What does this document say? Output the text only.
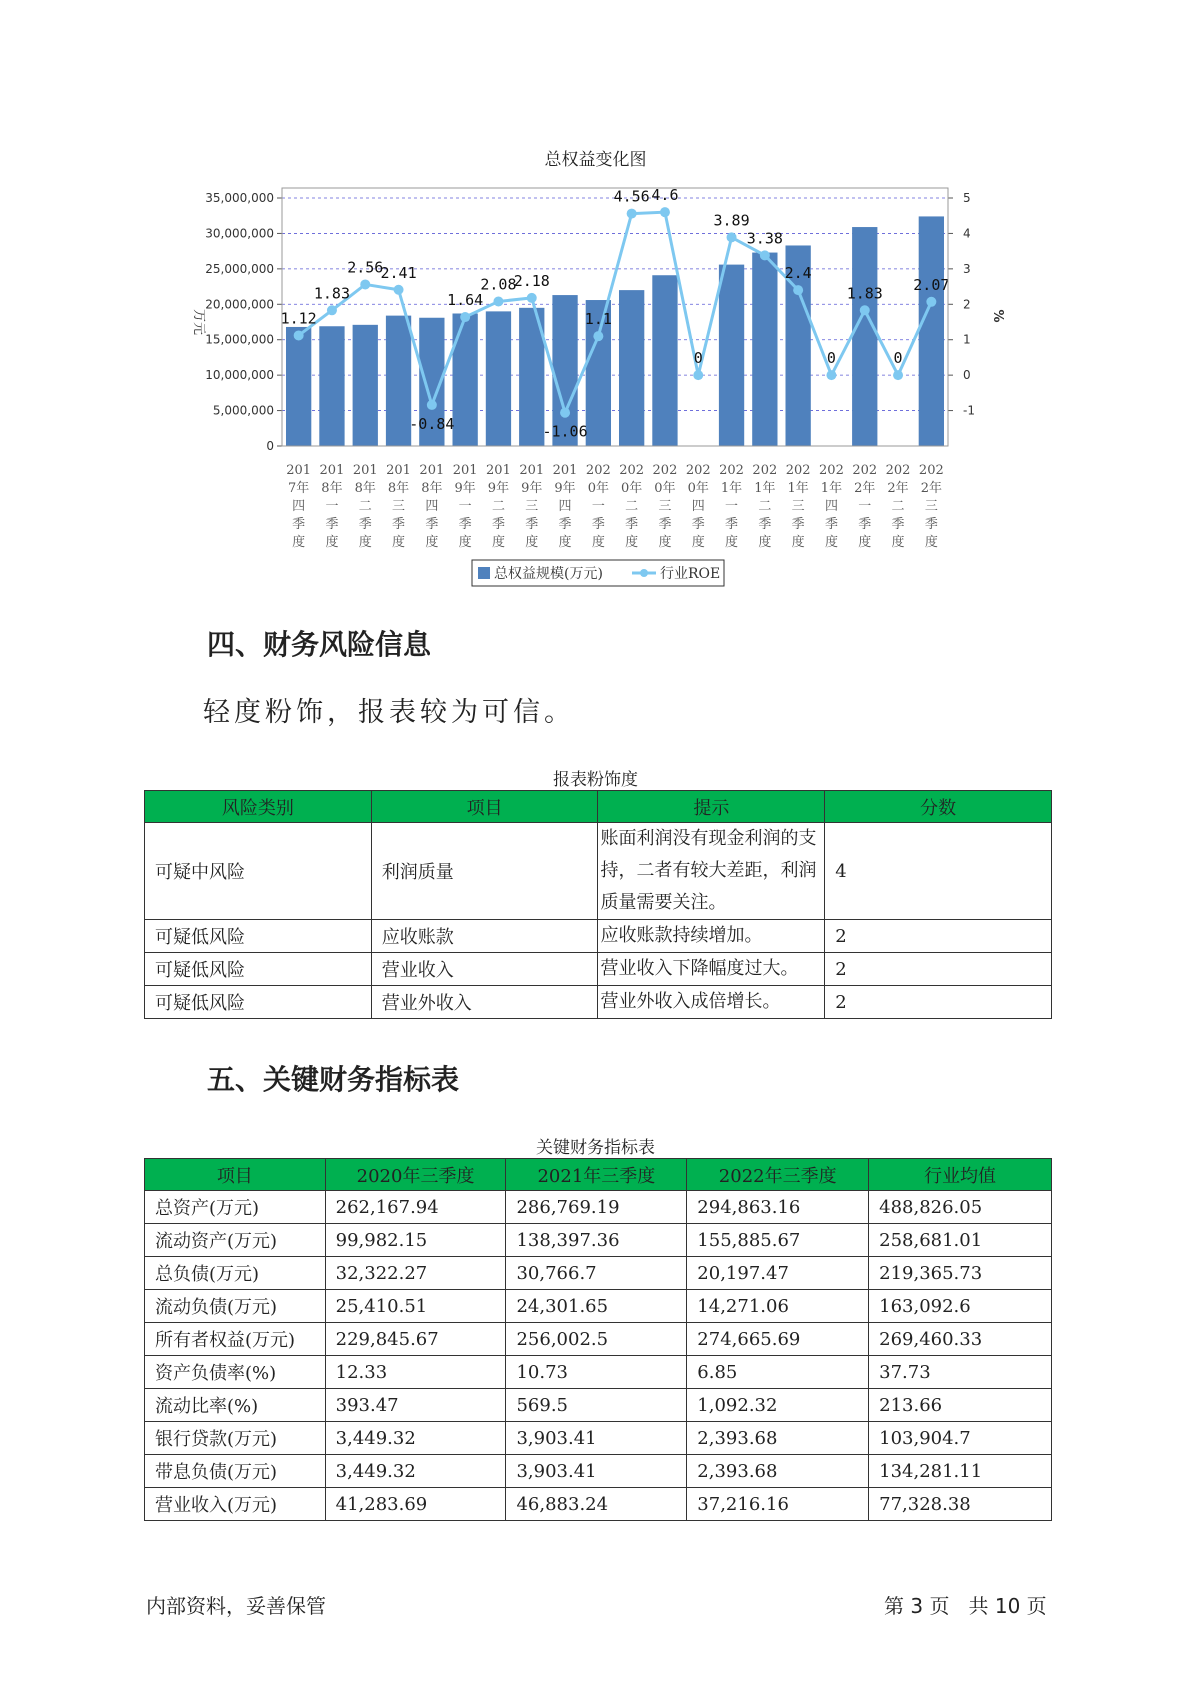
总权益变化图
1.12
1.83
2.56
2.41
-0.84
1.64
2.08
2.18
-1.06
1.1
4.56 4.6
0
3.89
3.38
2.4
0
1.83
0
2.07
0
5,000,000
10,000,000
15,000,000
20,000,000
25,000,000
30,000,000
35,000,000
-1
0
1
2
3
4
5
万元	%
201
7年
四
季
度
201
8年
一
季
度
201
8年
二
季
度
201
8年
三
季
度
201
8年
四
季
度
201
9年
一
季
度
201
9年
二
季
度
201
9年
三
季
度
201
9年
四
季
度
202
0年
一
季
度
202
0年
二
季
度
202
0年
三
季
度
202
0年
四
季
度
202
1年
一
季
度
202
1年
二
季
度
202
1年
三
季
度
202
1年
四
季
度
202
2年
一
季
度
202
2年
二
季
度
202
2年
三
季
度
总权益规模(万元)	行业ROE
四、财务风险信息
轻度粉饰，报表较为可信。
报表粉饰度
风险类别	项目	提示	分数
可疑中风险	利润质量	账面利润没有现金利润的支持，二者有较大差距，利润质量需要关注。	4
可疑低风险	应收账款	应收账款持续增加。	2
可疑低风险	营业收入	营业收入下降幅度过大。	2
可疑低风险	营业外收入	营业外收入成倍增长。	2
五、关键财务指标表
关键财务指标表
项目	2020年三季度	2021年三季度	2022年三季度	行业均值
总资产(万元)	262,167.94	286,769.19	294,863.16	488,826.05
流动资产(万元)	99,982.15	138,397.36	155,885.67	258,681.01
总负债(万元)	32,322.27	30,766.7	20,197.47	219,365.73
流动负债(万元)	25,410.51	24,301.65	14,271.06	163,092.6
所有者权益(万元)	229,845.67	256,002.5	274,665.69	269,460.33
资产负债率(%)	12.33	10.73	6.85	37.73
流动比率(%)	393.47	569.5	1,092.32	213.66
银行贷款(万元)	3,449.32	3,903.41	2,393.68	103,904.7
带息负债(万元)	3,449.32	3,903.41	2,393.68	134,281.11
营业收入(万元)	41,283.69	46,883.24	37,216.16	77,328.38
内部资料，妥善保管	第 3 页   共 10 页
